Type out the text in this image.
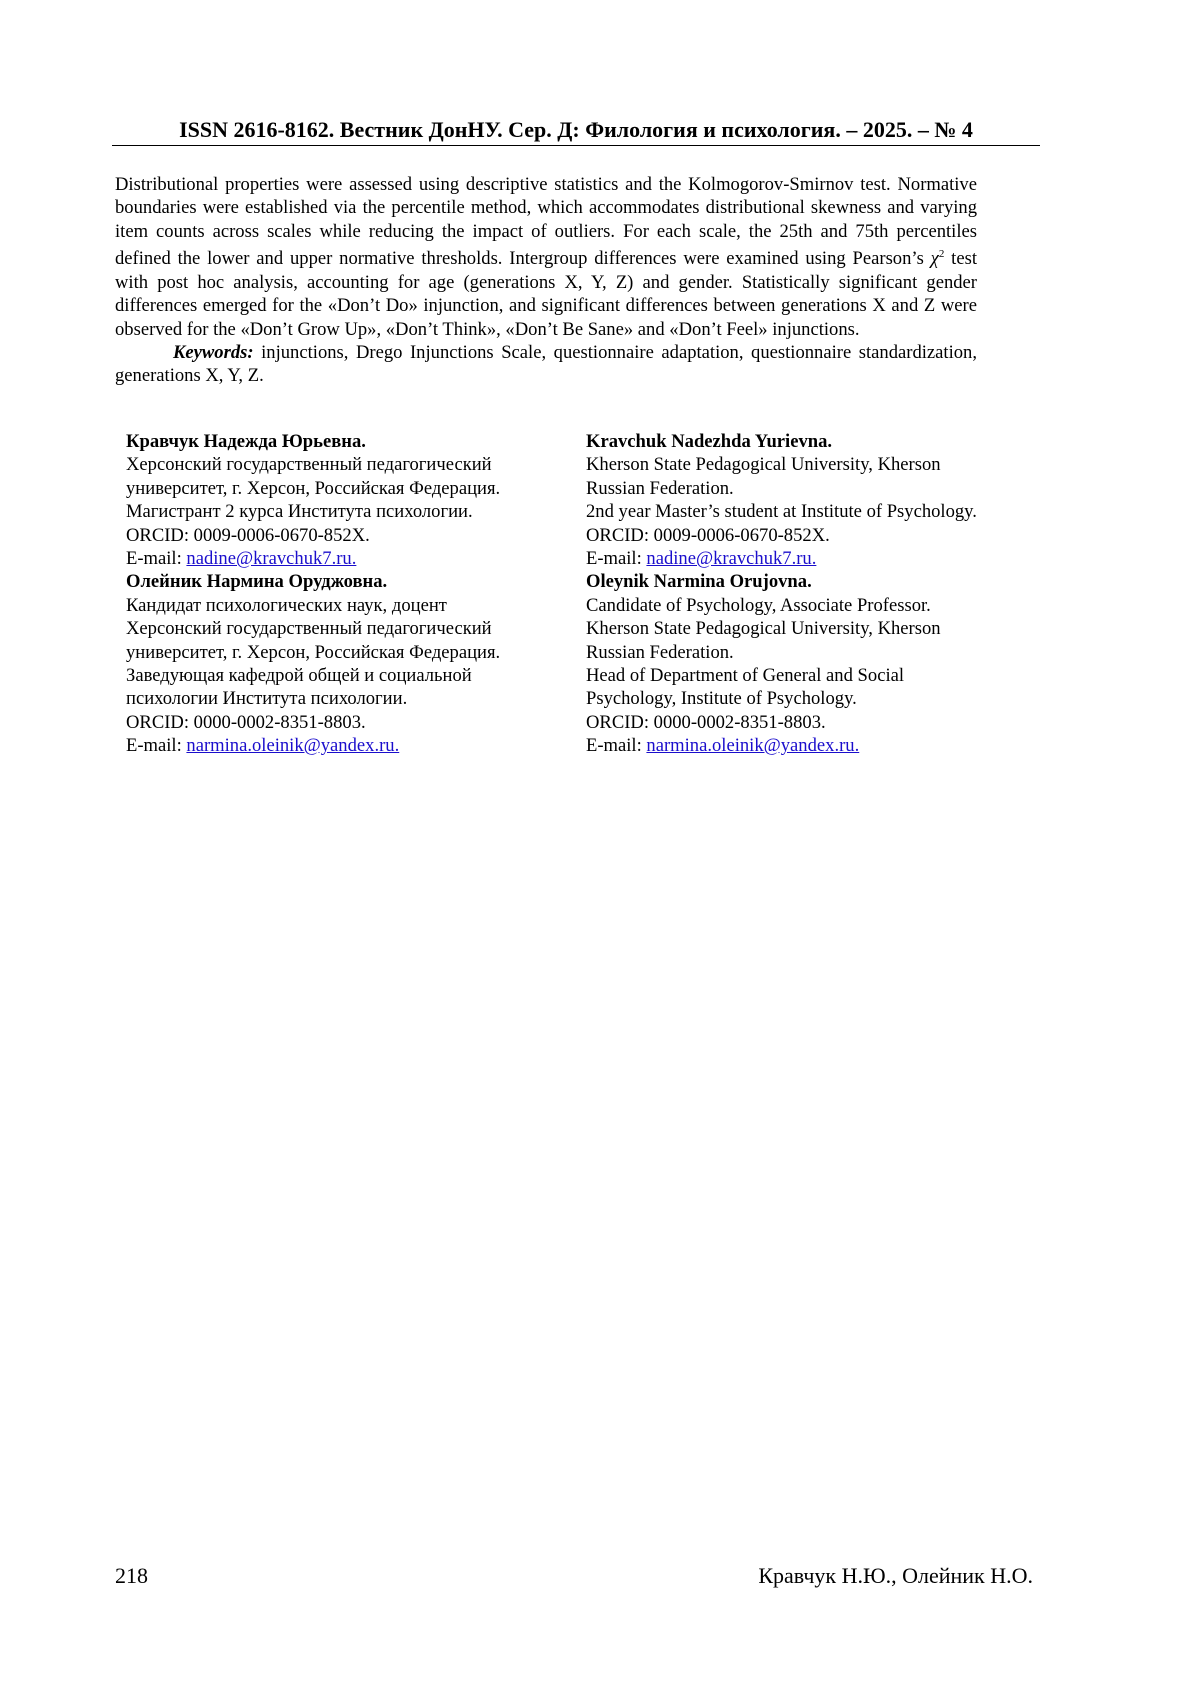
ISSN 2616-8162. Вестник ДонНУ. Сер. Д: Филология и психология. – 2025. – № 4

Distributional properties were assessed using descriptive statistics and the Kolmogorov-Smirnov test. Normative boundaries were established via the percentile method, which accommodates distributional skewness and varying item counts across scales while reducing the impact of outliers. For each scale, the 25th and 75th percentiles defined the lower and upper normative thresholds. Intergroup differences were examined using Pearson’s $\chi^2$ test with post hoc analysis, accounting for age (generations X, Y, Z) and gender. Statistically significant gender differences emerged for the «Don’t Do» injunction, and significant differences between generations X and Z were observed for the «Don’t Grow Up», «Don’t Think», «Don’t Be Sane» and «Don’t Feel» injunctions.

Keywords: injunctions, Drego Injunctions Scale, questionnaire adaptation, questionnaire standardization, generations X, Y, Z.

Кравчук Надежда Юрьевна.
Херсонский государственный педагогический
университет, г. Херсон, Российская Федерация.
Магистрант 2 курса Института психологии.
ORCID: 0009-0006-0670-852X.
E-mail: nadine@kravchuk7.ru.
Олейник Нармина Оруджовна.
Кандидат психологических наук, доцент
Херсонский государственный педагогический
университет, г. Херсон, Российская Федерация.
Заведующая кафедрой общей и социальной
психологии Института психологии.
ORCID: 0000-0002-8351-8803.
E-mail: narmina.oleinik@yandex.ru.
Kravchuk Nadezhda Yurievna.
Kherson State Pedagogical University, Kherson
Russian Federation.
2nd year Master’s student at Institute of Psychology.
ORCID: 0009-0006-0670-852X.
E-mail: nadine@kravchuk7.ru.
Oleynik Narmina Orujovna.
Candidate of Psychology, Associate Professor.
Kherson State Pedagogical University, Kherson
Russian Federation.
Head of Department of General and Social
Psychology, Institute of Psychology.
ORCID: 0000-0002-8351-8803.
E-mail: narmina.oleinik@yandex.ru.
218	Кравчук Н.Ю., Олейник Н.О.
